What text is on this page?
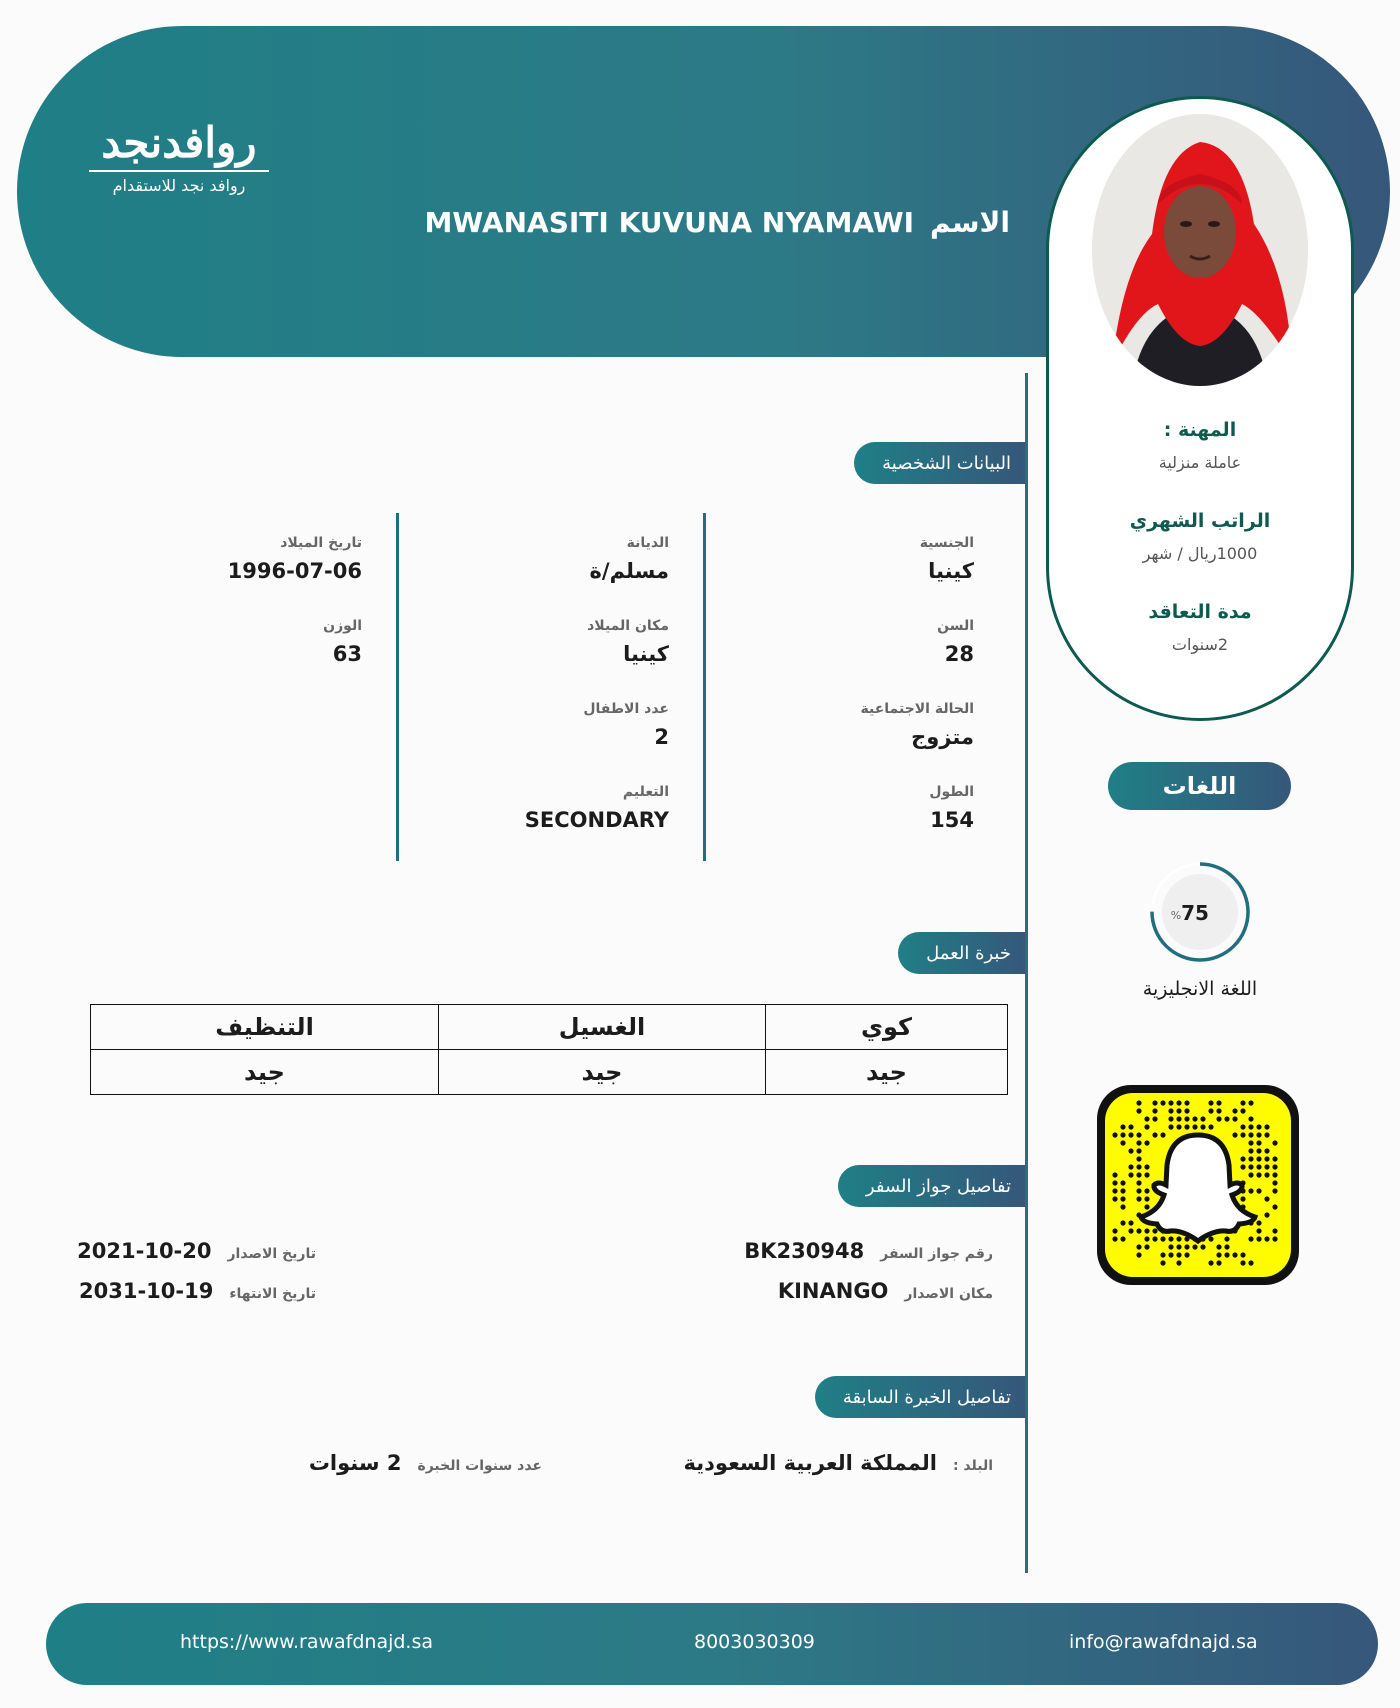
روافدنجد
روافد نجد للاستقدام
MWANASITI KUVUNA NYAMAWI الاسم
المهنة :
عاملة منزلية
الراتب الشهري
1000ريال / شهر
مدة التعاقد
2سنوات
اللغات
75
%
اللغة الانجليزية
البيانات الشخصية
الجنسية
كينيا
السن
28
الحالة الاجتماعية
متزوج
الطول
154
الديانة
مسلم/ة
مكان الميلاد
كينيا
عدد الاطفال
2
التعليم
SECONDARY
تاريخ الميلاد
1996-07-06
الوزن
63
خبرة العمل
كوي	الغسيل	التنظيف
جيد	جيد	جيد
تفاصيل جواز السفر
رقم جواز السفر
BK230948
مكان الاصدار
KINANGO
تاريخ الاصدار
2021-10-20
تاريخ الانتهاء
2031-10-19
تفاصيل الخبرة السابقة
البلد :
المملكة العربية السعودية
عدد سنوات الخبرة
2 سنوات
https://www.rawafdnajd.sa	8003030309	info@rawafdnajd.sa
